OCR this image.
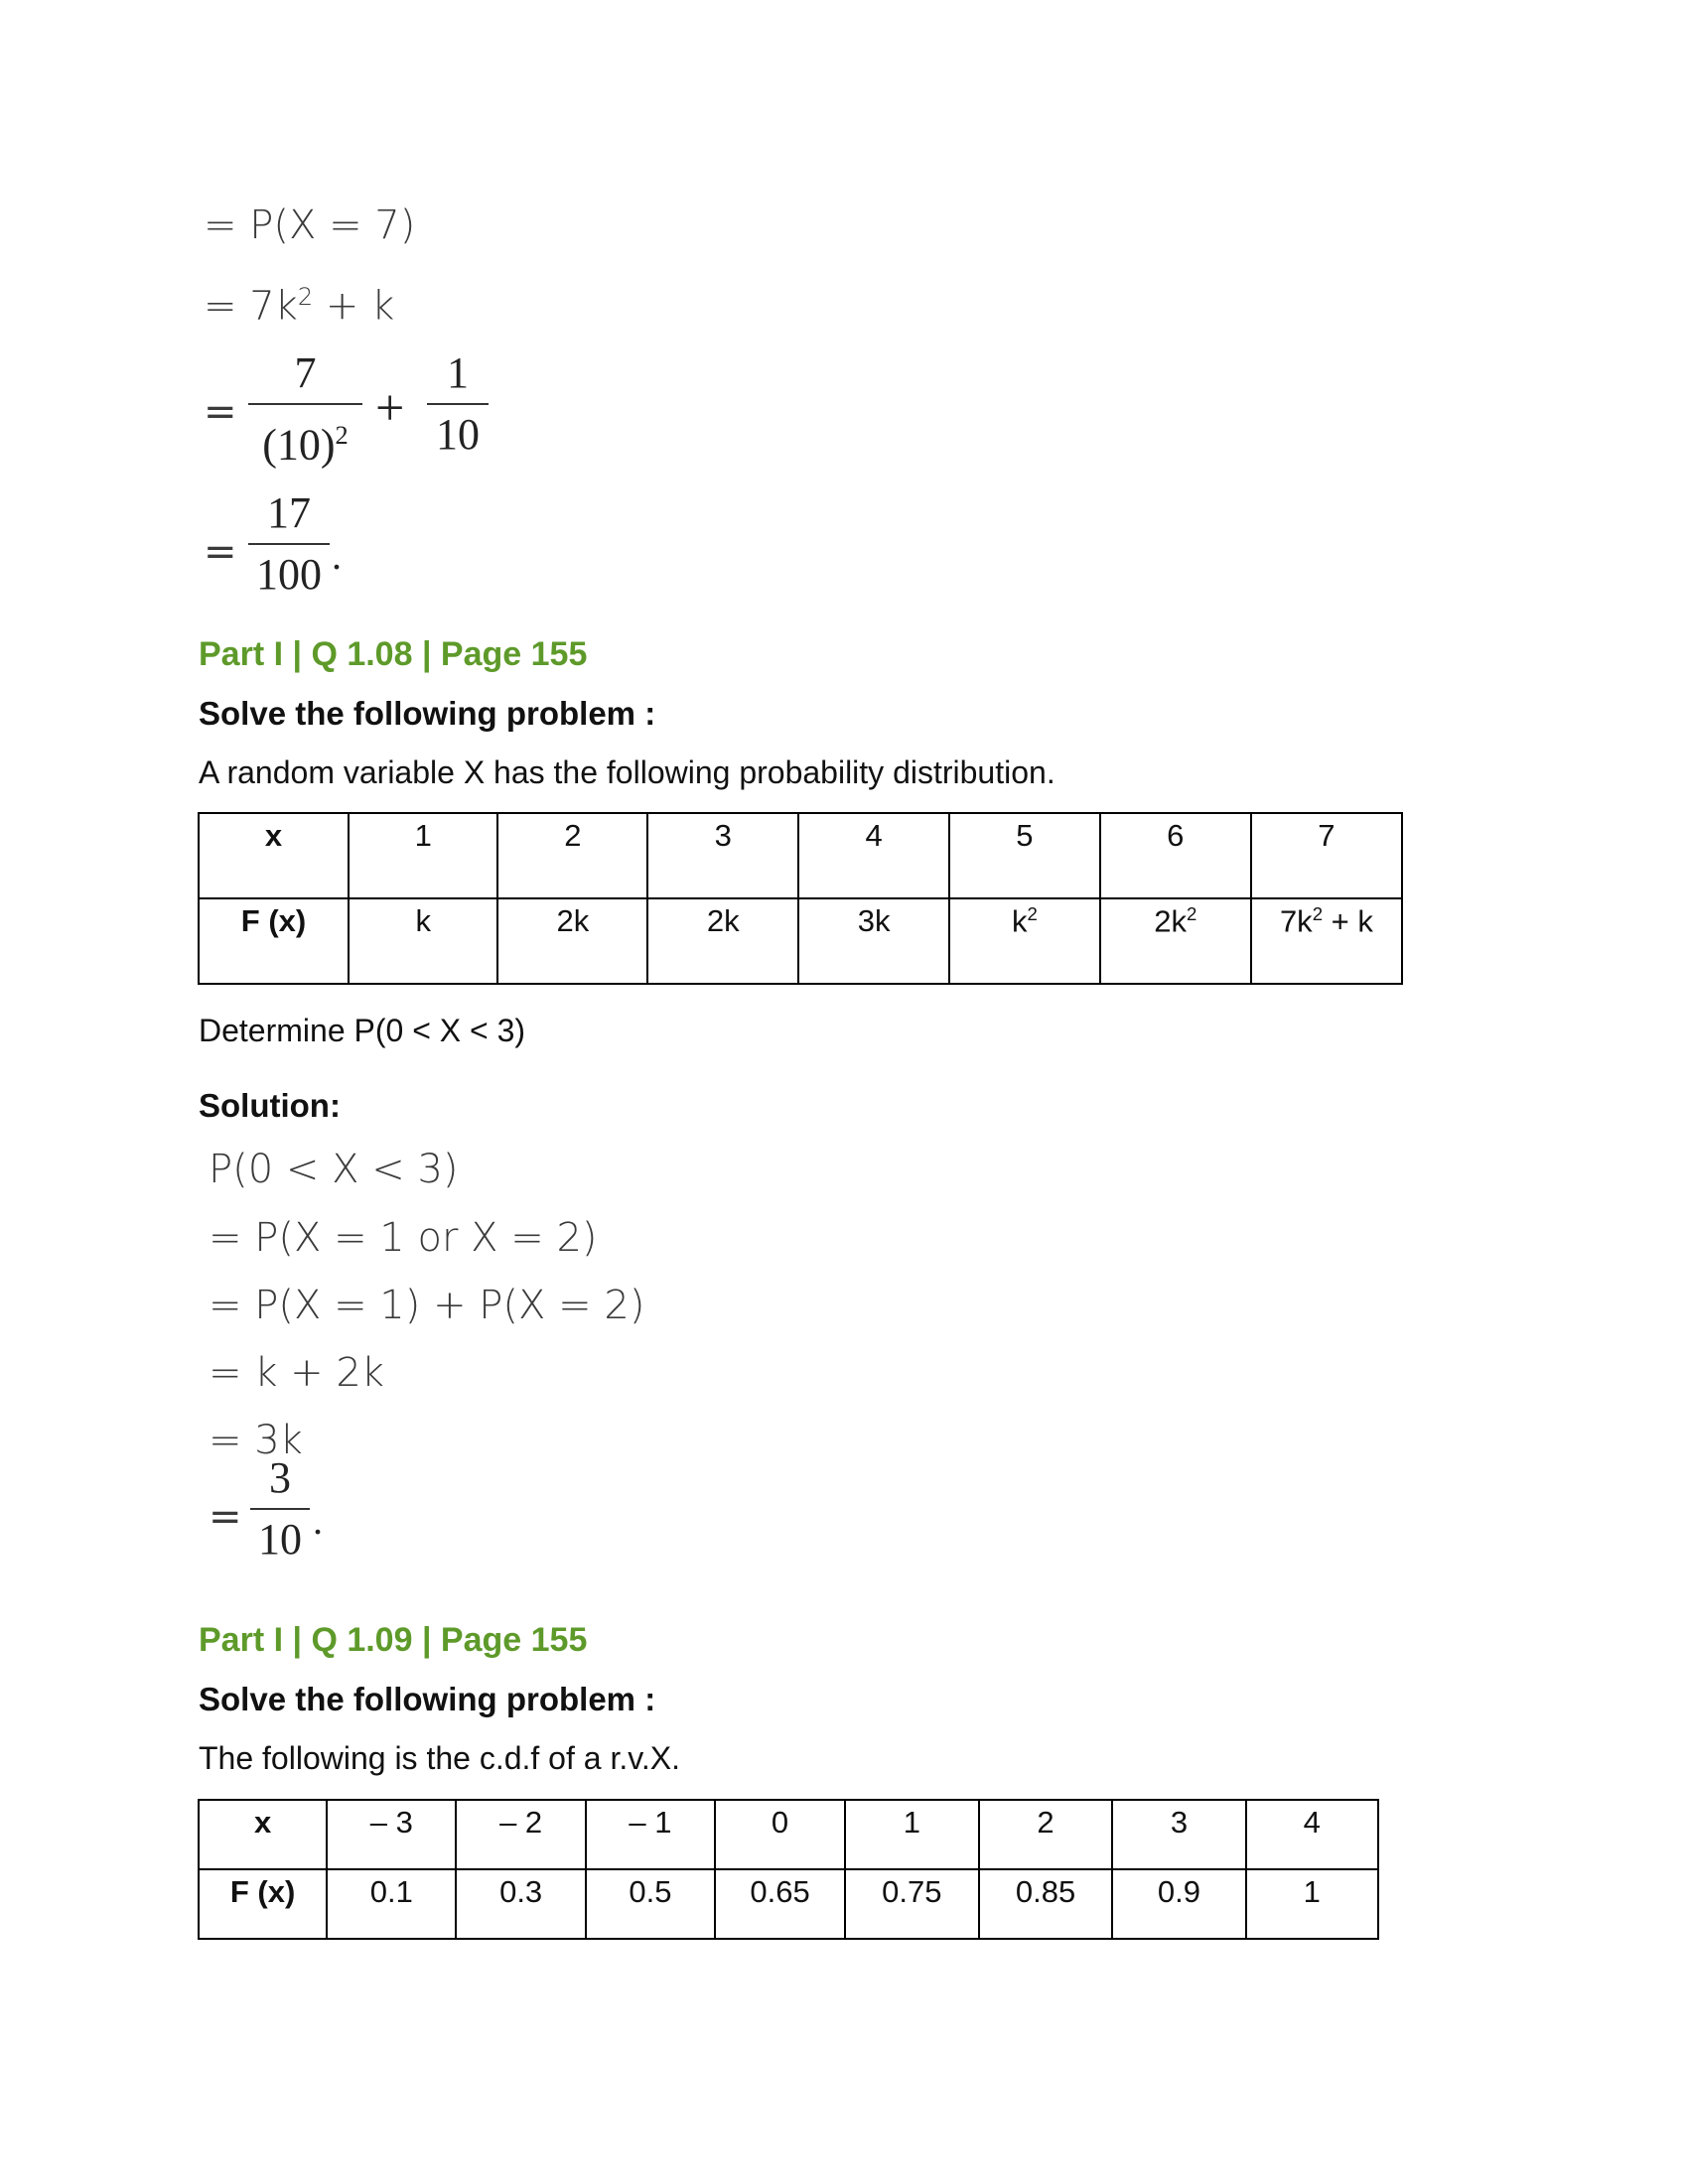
= P(X = 7)
= $7k^2 + k$
=
7
$(10)^2$ +
1
10
=
17
100 .
Part I | Q 1.08 | Page 155
Solve the following problem :
A random variable X has the following probability distribution.
x	1	2	3	4	5	6	7
F (x)	k	2k	2k	3k	$k^2$	$2k^2$	$7k^2 + k$
Determine P(0 < X < 3)
Solution:
P(0 < X < 3)
= P(X = 1 or X = 2)
= P(X = 1) + P(X = 2)
= k + 2k
= 3k
=
3
10 .
Part I | Q 1.09 | Page 155
Solve the following problem :
The following is the c.d.f of a r.v.X.
x	– 3	– 2	– 1	0	1	2	3	4
F (x)	0.1	0.3	0.5	0.65	0.75	0.85	0.9	1
